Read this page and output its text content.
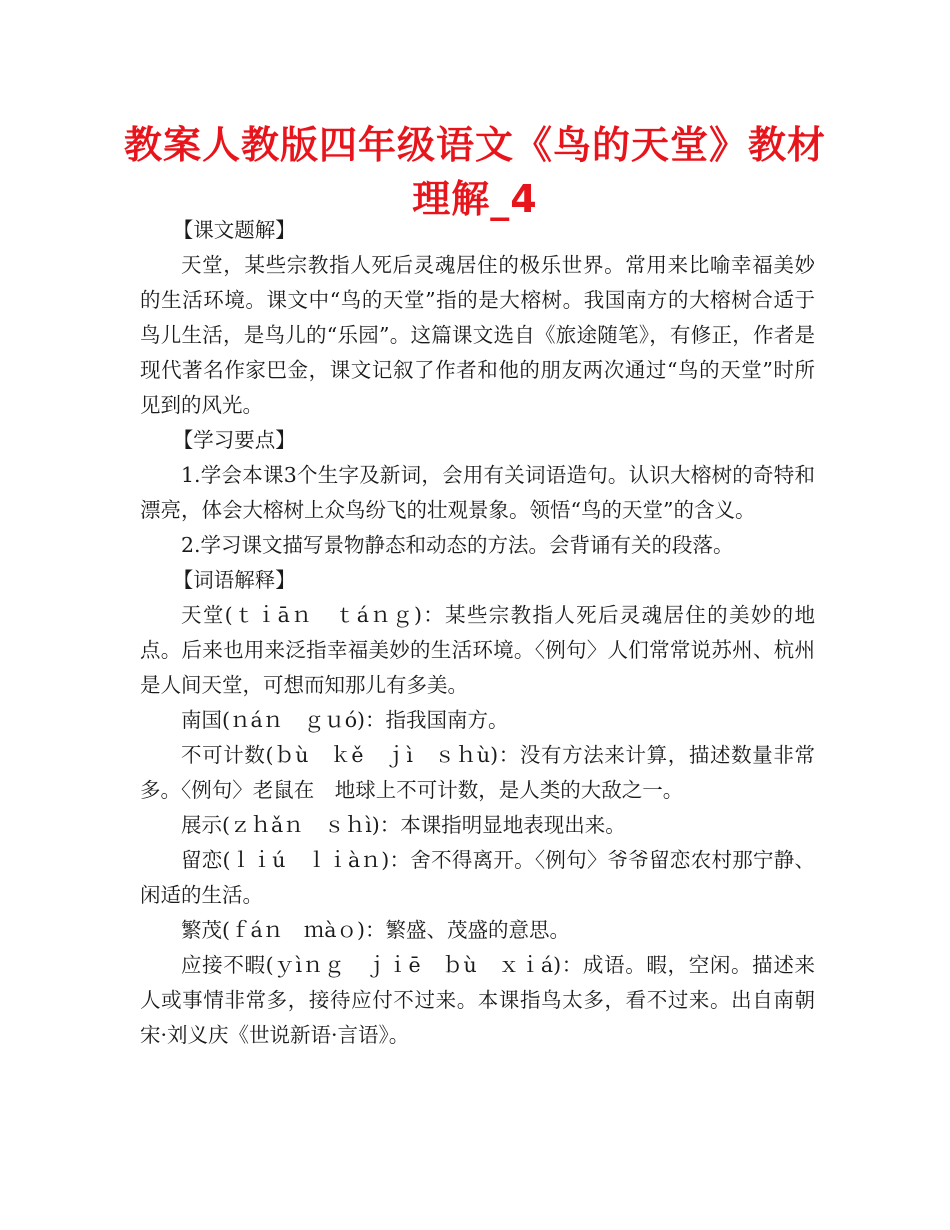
教案人教版四年级语文《鸟的天堂》教材理解_4

【课文题解】

天堂，某些宗教指人死后灵魂居住的极乐世界。常用来比喻幸福美妙的生活环境。课文中“鸟的天堂”指的是大榕树。我国南方的大榕树合适于鸟儿生活，是鸟儿的“乐园”。这篇课文选自《旅途随笔》，有修正，作者是现代著名作家巴金，课文记叙了作者和他的朋友两次通过“鸟的天堂”时所见到的风光。

【学习要点】

1.学会本课3个生字及新词，会用有关词语造句。认识大榕树的奇特和漂亮，体会大榕树上众鸟纷飞的壮观景象。领悟“鸟的天堂”的含义。

2.学习课文描写景物静态和动态的方法。会背诵有关的段落。

【词语解释】

天堂(ｔｉāｎ　ｔáｎｇ)：某些宗教指人死后灵魂居住的美妙的地点。后来也用来泛指幸福美妙的生活环境。〈例句〉人们常常说苏州、杭州是人间天堂，可想而知那儿有多美。

南国(ｎáｎ　ｇｕó)：指我国南方。

不可计数(ｂù　ｋě　ｊì　ｓｈù)：没有方法来计算，描述数量非常多。〈例句〉老鼠在　地球上不可计数，是人类的大敌之一。

展示(ｚｈǎｎ　ｓｈì)：本课指明显地表现出来。

留恋(ｌｉú　ｌｉàｎ)：舍不得离开。〈例句〉爷爷留恋农村那宁静、闲适的生活。

繁茂(ｆáｎ　ｍàｏ)：繁盛、茂盛的意思。

应接不暇(ｙìｎｇ　ｊｉē　ｂù　ｘｉá)：成语。暇，空闲。描述来人或事情非常多，接待应付不过来。本课指鸟太多，看不过来。出自南朝宋·刘义庆《世说新语·言语》。
